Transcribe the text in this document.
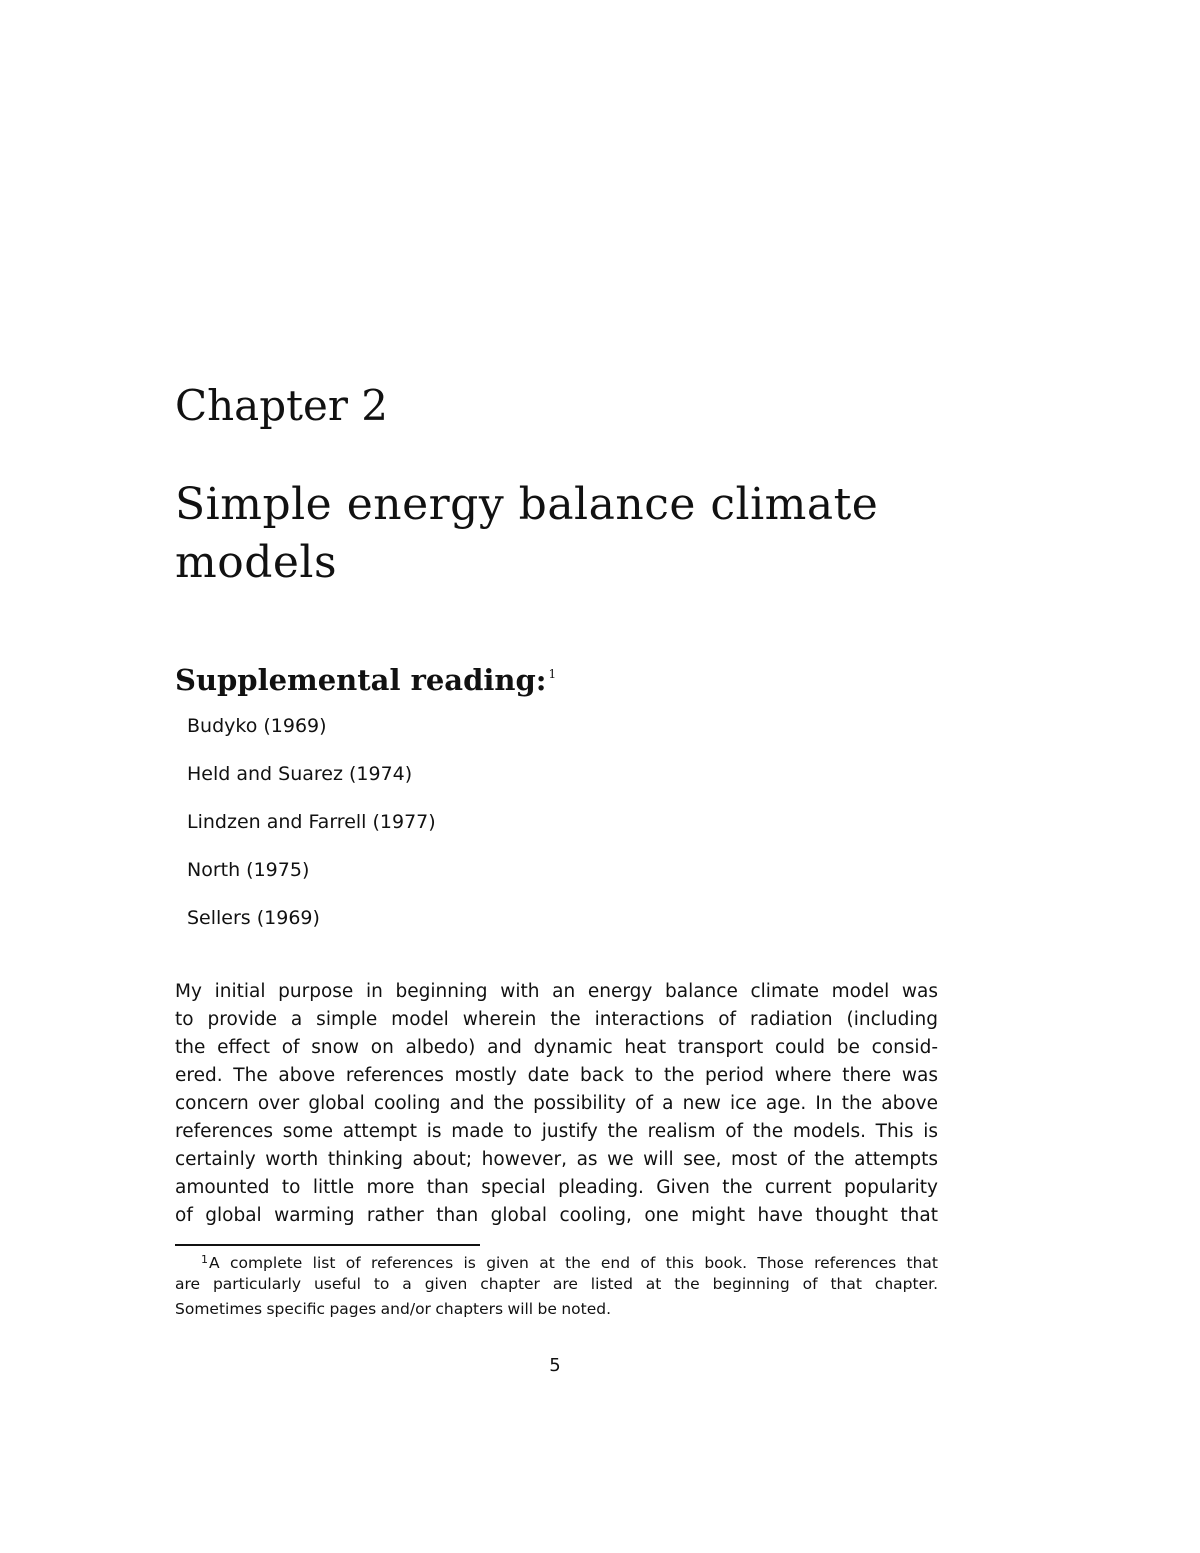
Chapter 2
Simple energy balance climate
models
Supplemental reading: $^1$
Budyko (1969)
Held and Suarez (1974)
Lindzen and Farrell (1977)
North (1975)
Sellers (1969)
My initial purpose in beginning with an energy balance climate model was
to provide a simple model wherein the interactions of radiation (including
the effect of snow on albedo) and dynamic heat transport could be consid-
ered. The above references mostly date back to the period where there was
concern over global cooling and the possibility of a new ice age. In the above
references some attempt is made to justify the realism of the models. This is
certainly worth thinking about; however, as we will see, most of the attempts
amounted to little more than special pleading. Given the current popularity
of global warming rather than global cooling, one might have thought that
$^1$A complete list of references is given at the end of this book. Those references that
are particularly useful to a given chapter are listed at the beginning of that chapter.
Sometimes specific pages and/or chapters will be noted.
5
